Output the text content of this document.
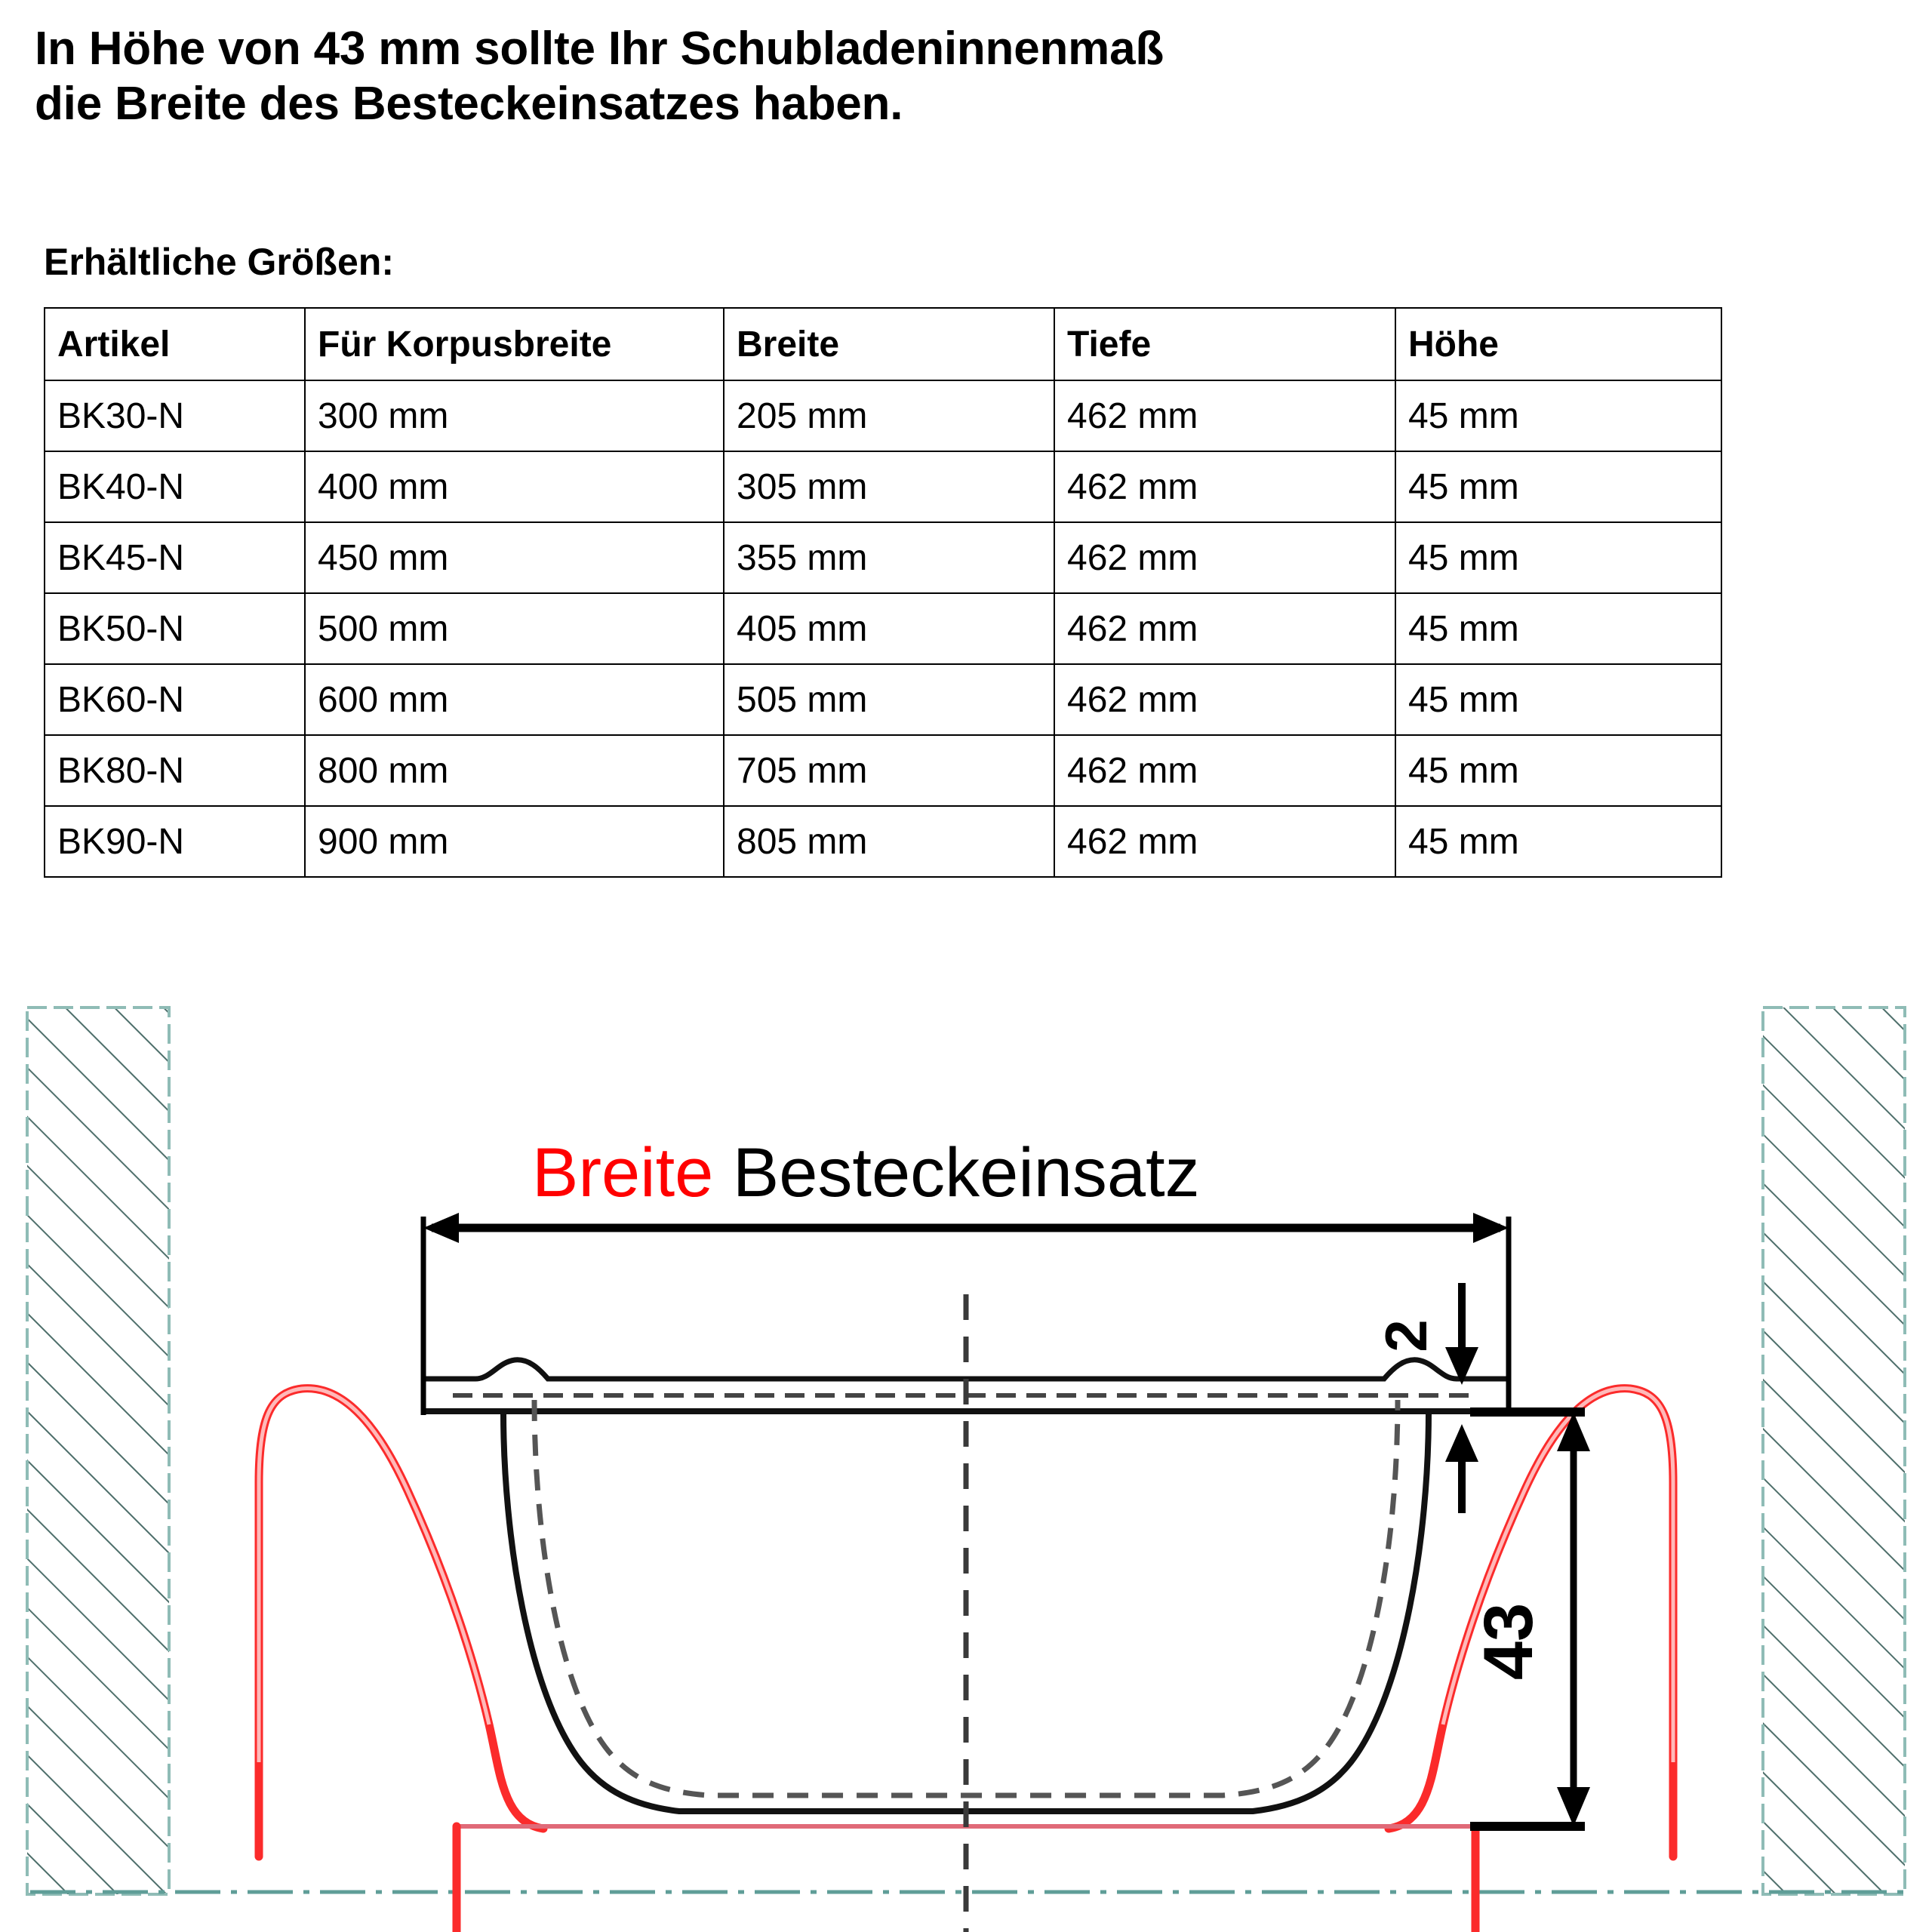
In Höhe von 43 mm sollte Ihr Schubladeninnenmaß
die Breite des Besteckeinsatzes haben.
Erhältliche Größen:
Artikel	Für Korpusbreite	Breite	Tiefe	Höhe
BK30-N	300 mm	205 mm	462 mm	45 mm
BK40-N	400 mm	305 mm	462 mm	45 mm
BK45-N	450 mm	355 mm	462 mm	45 mm
BK50-N	500 mm	405 mm	462 mm	45 mm
BK60-N	600 mm	505 mm	462 mm	45 mm
BK80-N	800 mm	705 mm	462 mm	45 mm
BK90-N	900 mm	805 mm	462 mm	45 mm
Breite Besteckeinsatz
2
43
